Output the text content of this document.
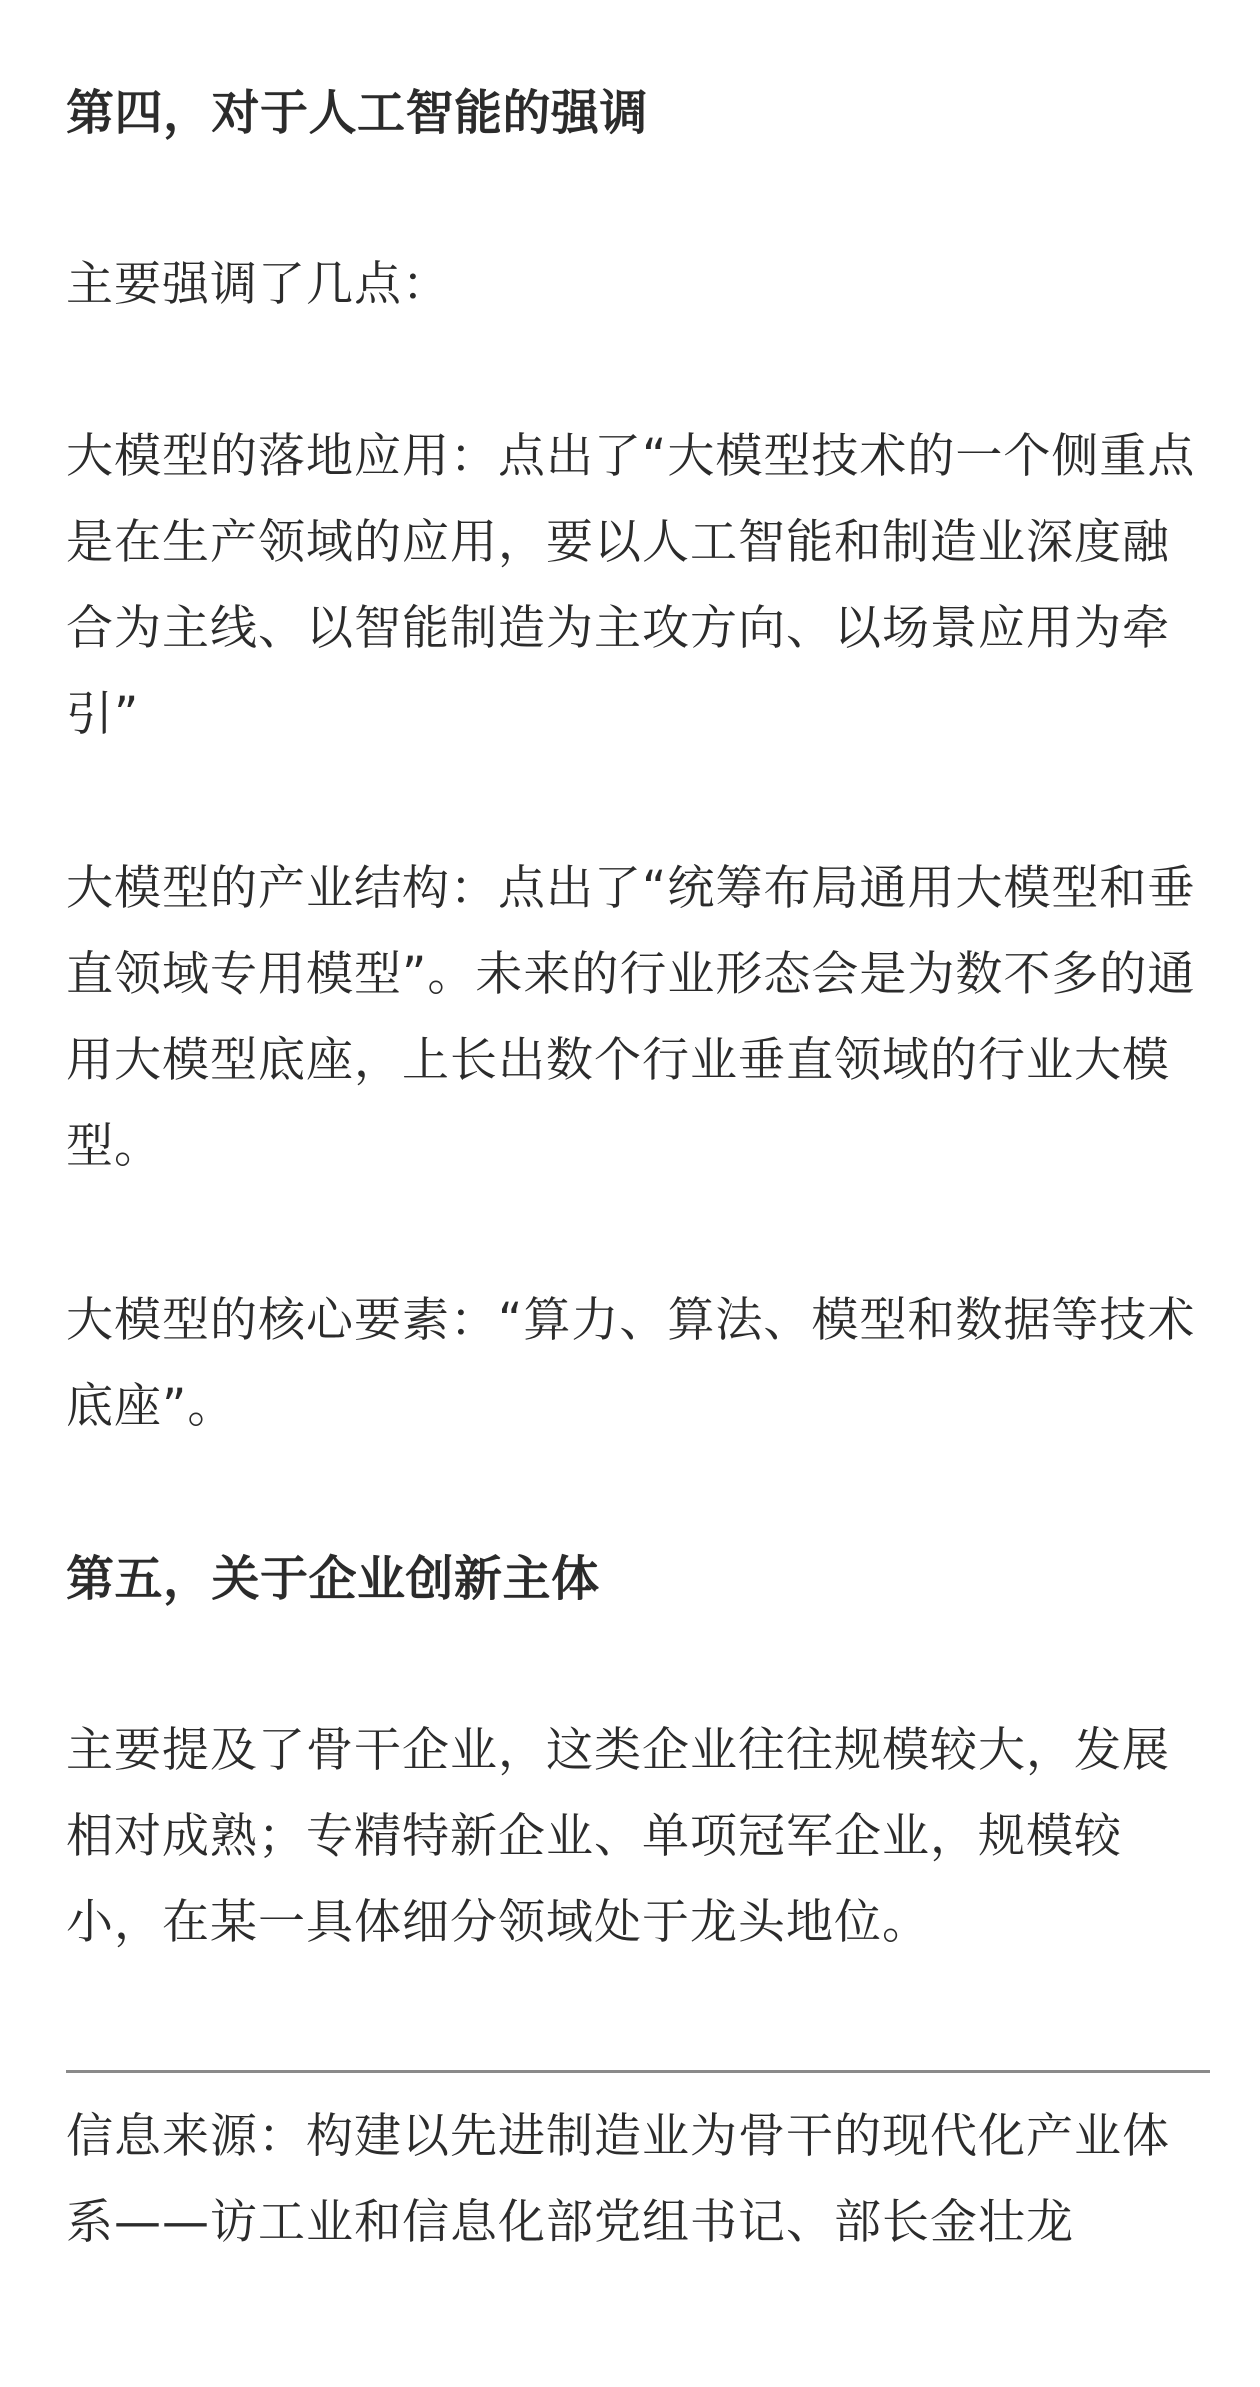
第四，对于人工智能的强调

主要强调了几点：

大模型的落地应用：点出了“大模型技术的一个侧重点是在生产领域的应用，要以人工智能和制造业深度融合为主线、以智能制造为主攻方向、以场景应用为牵引”

大模型的产业结构：点出了“统筹布局通用大模型和垂直领域专用模型”。未来的行业形态会是为数不多的通用大模型底座，上长出数个行业垂直领域的行业大模型。

大模型的核心要素：“算力、算法、模型和数据等技术底座”。

第五，关于企业创新主体

主要提及了骨干企业，这类企业往往规模较大，发展相对成熟；专精特新企业、单项冠军企业，规模较小，在某一具体细分领域处于龙头地位。

信息来源：构建以先进制造业为骨干的现代化产业体系——访工业和信息化部党组书记、部长金壮龙
